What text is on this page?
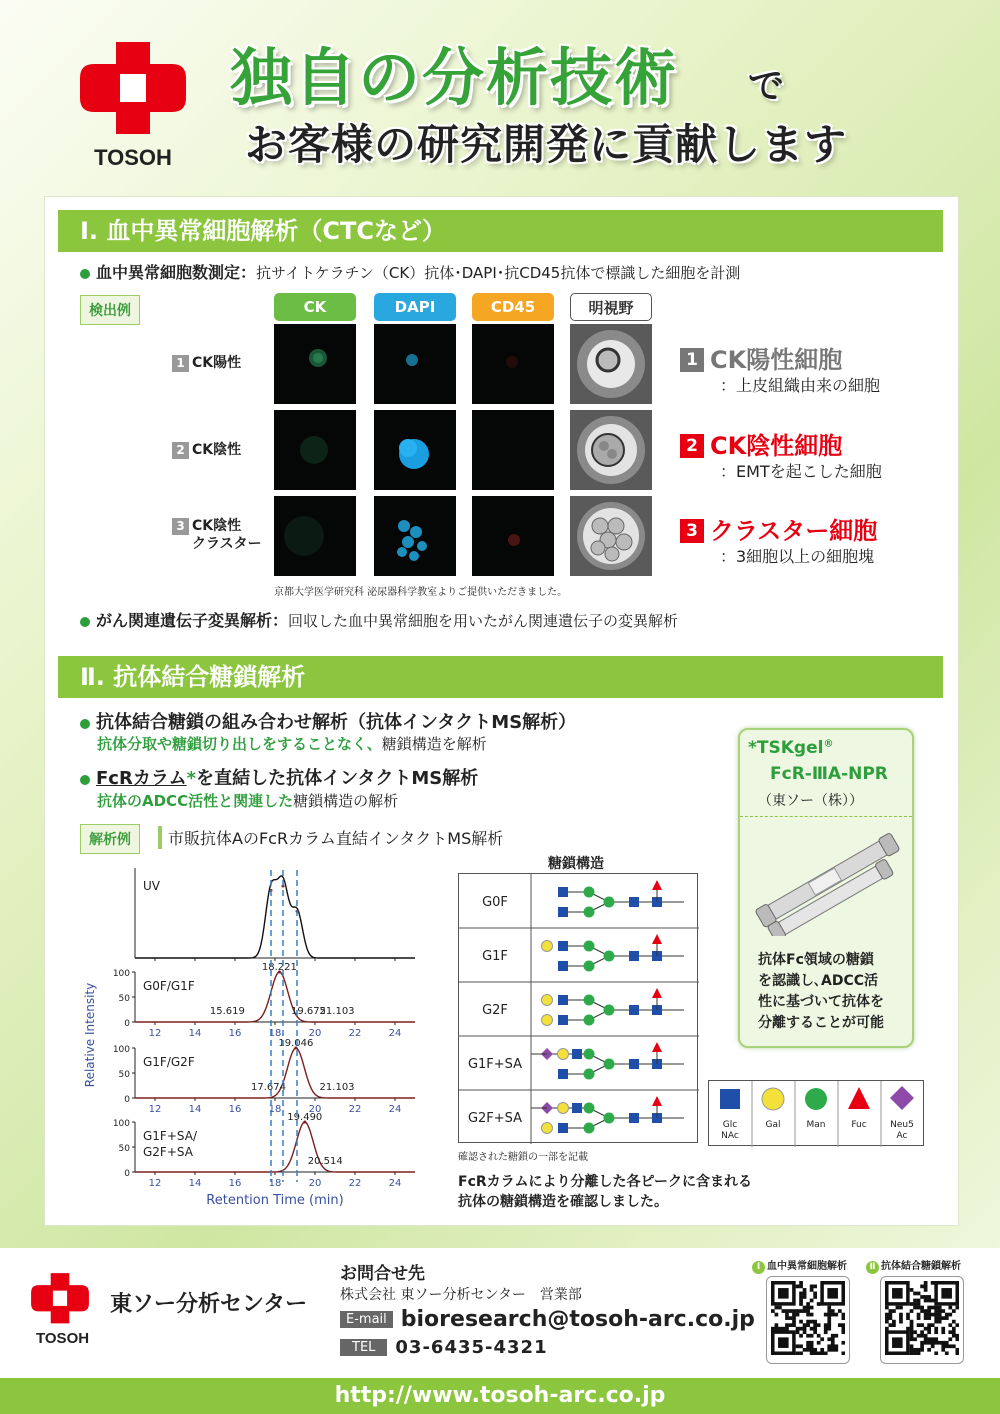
TOSOH
独自の分析技術 で
お客様の研究開発に貢献します
Ⅰ. 血中異常細胞解析（CTCなど）
血中異常細胞数測定：抗サイトケラチン（CK）抗体･DAPI･抗CD45抗体で標識した細胞を計測
検出例	CK	DAPI	CD45	明視野
1 CK陽性
2 CK陰性
3 CK陰性
クラスター
京都大学医学研究科 泌尿器科学教室よりご提供いただきました。
1 CK陽性細胞
：上皮組織由来の細胞
2 CK陰性細胞
：EMTを起こした細胞
3 クラスター細胞
：3細胞以上の細胞塊
がん関連遺伝子変異解析：回収した血中異常細胞を用いたがん関連遺伝子の変異解析
Ⅱ. 抗体結合糖鎖解析
抗体結合糖鎖の組み合わせ解析（抗体インタクトMS解析）
抗体分取や糖鎖切り出しをすることなく、糖鎖構造を解析
FcRカラム*を直結した抗体インタクトMS解析
抗体のADCC活性と関連した糖鎖構造の解析
解析例	市販抗体AのFcRカラム直結インタクトMS解析
Relative Intensity
UV
0
50
100
12	14	16	18	20	22	24
G0F/G1F
18.221
15.619	19.675
21.103
0
50
100
12	14	16	18	20	22	24
G1F/G2F
19.046
17.674	21.103
0
50
100
12	14	16	18	20	22	24
G1F+SA/
G2F+SA
19.490
20.514
Retention Time (min)
糖鎖構造
G0F
G1F
G2F
G1F+SA
G2F+SA
確認された糖鎖の一部を記載
FcRカラムにより分離した各ピークに含まれる
抗体の糖鎖構造を確認しました。
*TSKgel®
FcR-ⅢA-NPR
（東ソー（株））
抗体Fc領域の糖鎖
を認識し､ADCC活
性に基づいて抗体を
分離することが可能
Glc
NAc
Gal	Man	Fuc	Neu5
Ac
TOSOH
東ソー分析センター
お問合せ先
株式会社 東ソー分析センター　営業部
E-mail bioresearch@tosoh-arc.co.jp
TEL 03-6435-4321
Ⅰ 血中異常細胞解析	Ⅱ 抗体結合糖鎖解析
http://www.tosoh-arc.co.jp
